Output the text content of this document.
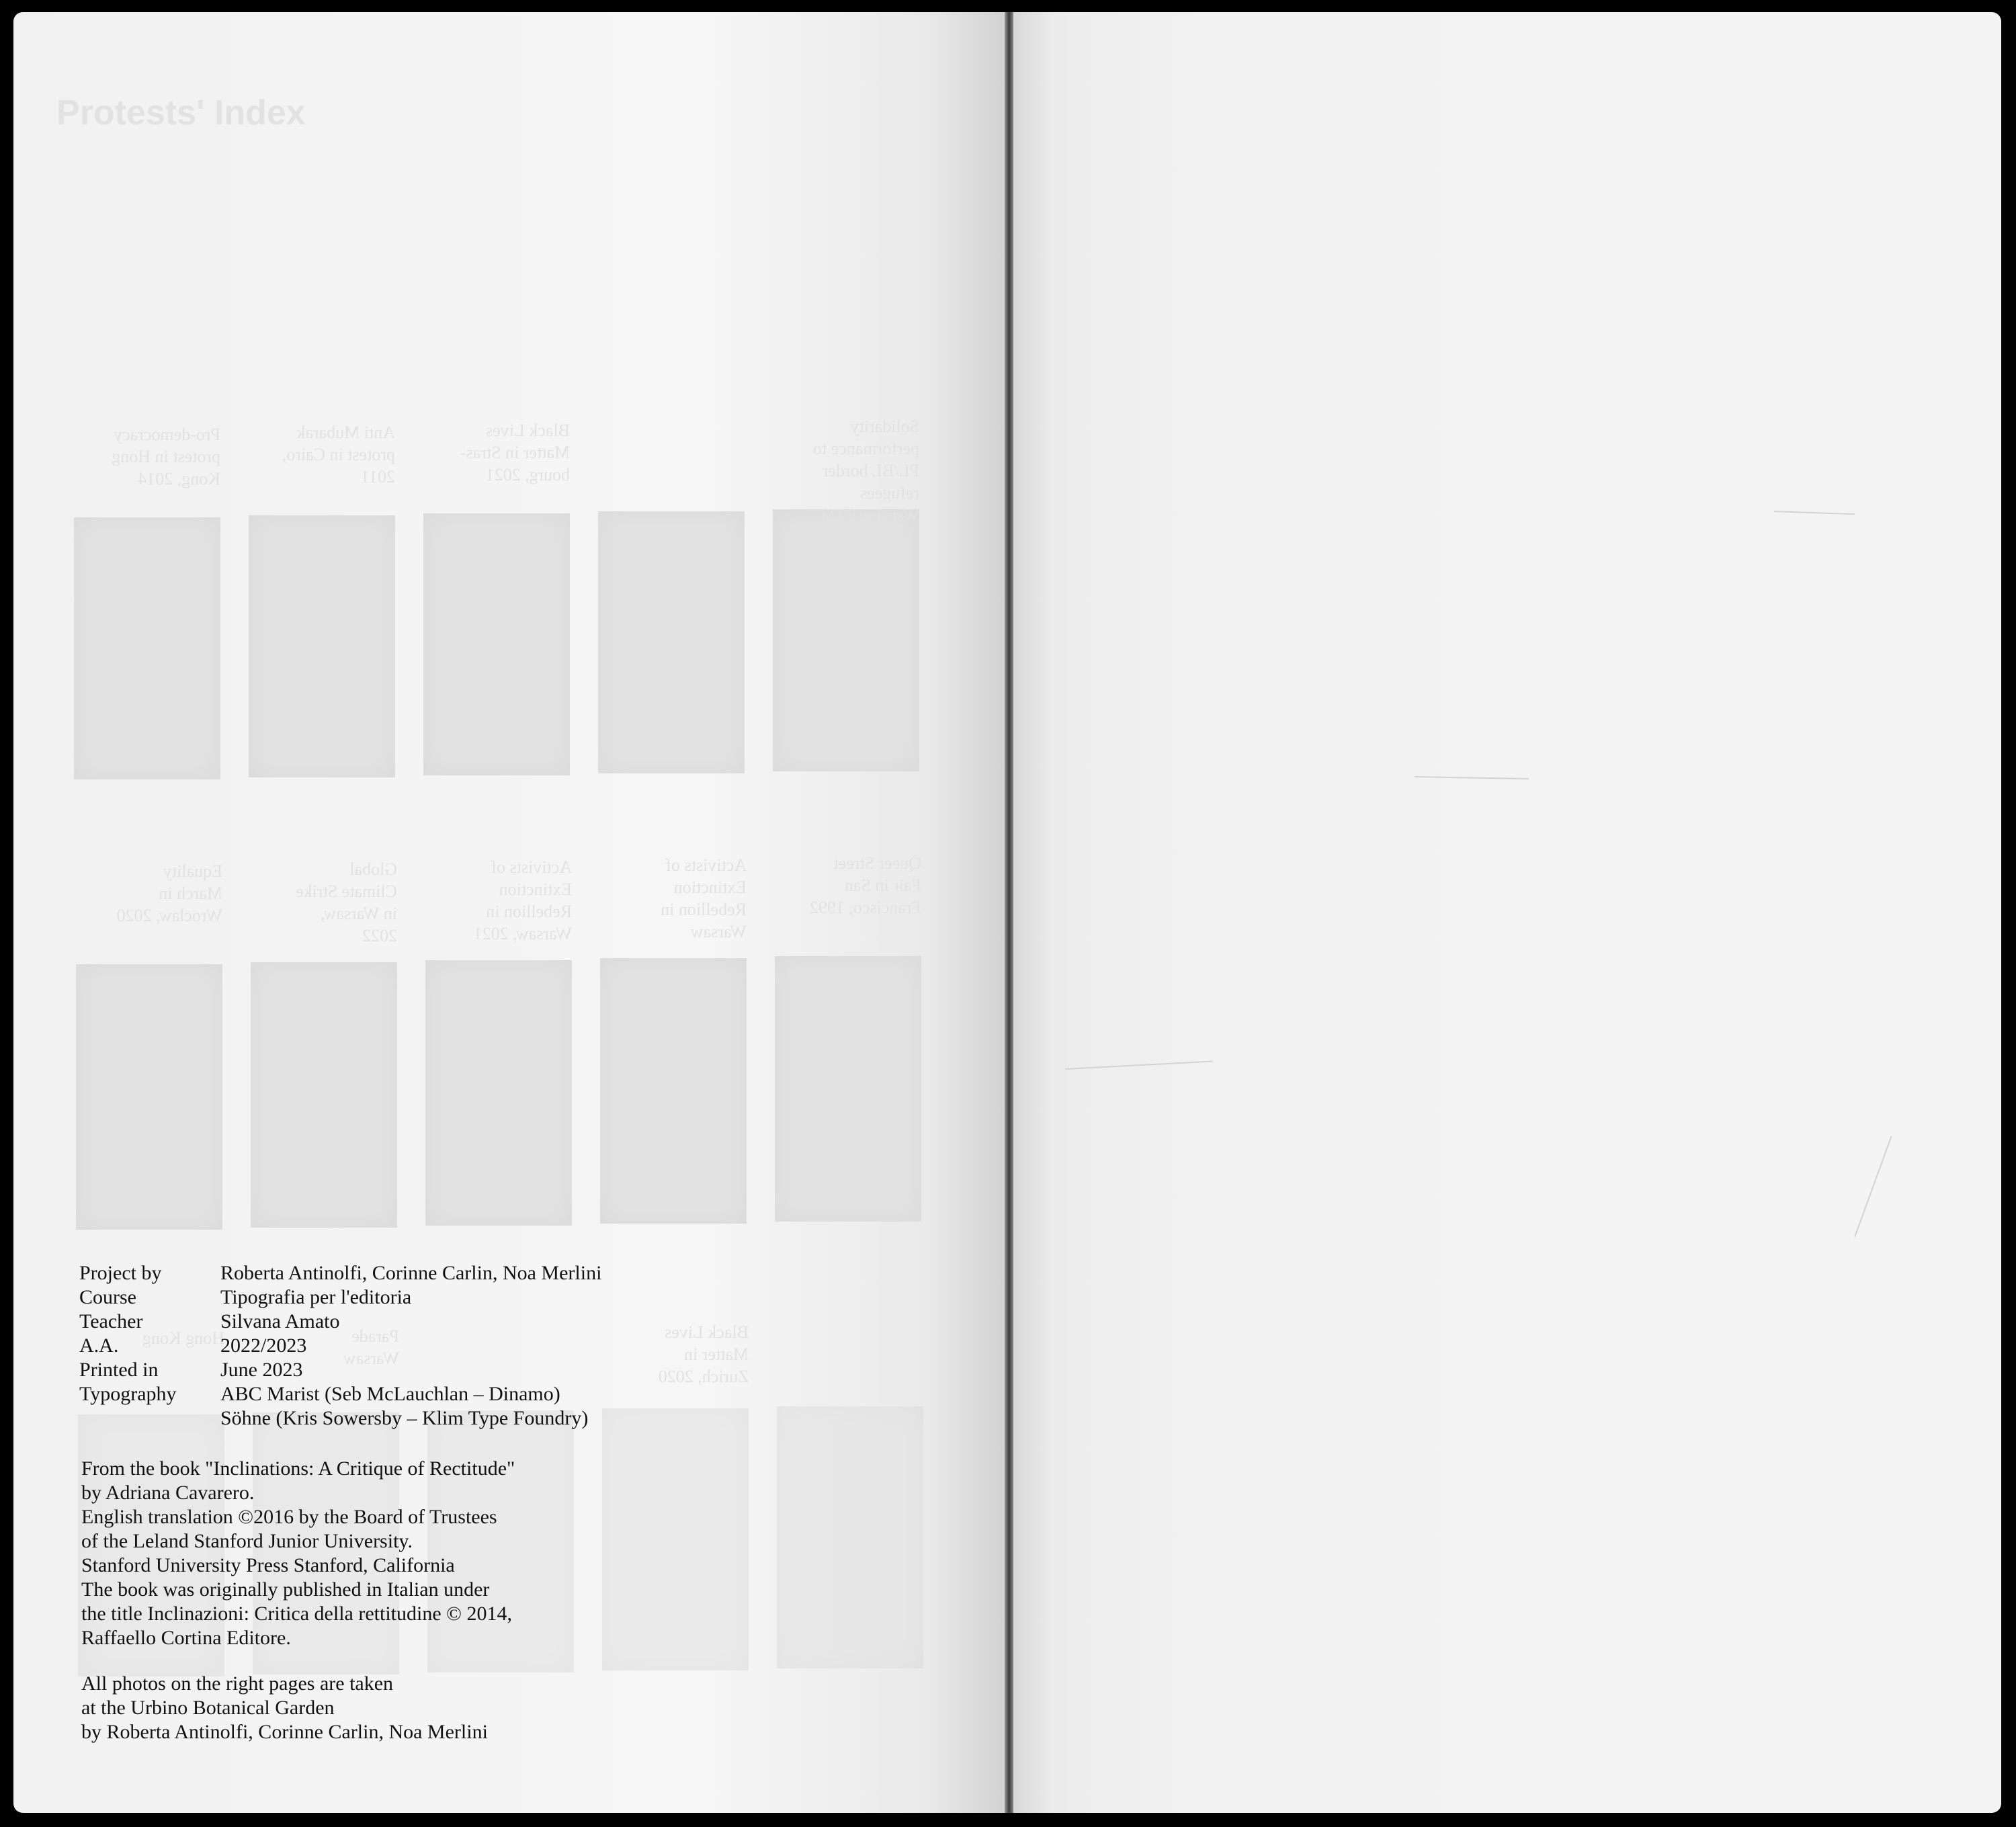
Protests' Index
Pro-democracy
protest in Hong
Kong, 2014
Anti Mubarak
protest in Cairo,
2011
Black Lives
Matter in Stras-
bourg, 2021
Solidarity
performance to
PL/BL border
refugees
Warsaw, 2023
Equality
March in
Wroclaw, 2020
Global
Climate Strike
in Warsaw,
2022
Activists of
Extinction
Rebellion in
Warsaw, 2021
Activists of
Extinction
Rebellion in
Warsaw
Queer Street
Fair in San
Francisco, 1992
Hong Kong	Parade
Warsaw
Black Lives
Matter in
Zurich, 2020
Project by	Roberta Antinolfi, Corinne Carlin, Noa Merlini
Course	Tipografia per l'editoria
Teacher	Silvana Amato
A.A.	2022/2023
Printed in	June 2023
Typography	ABC Marist (Seb McLauchlan – Dinamo)
Söhne (Kris Sowersby – Klim Type Foundry)
From the book "Inclinations: A Critique of Rectitude"
by Adriana Cavarero.
English translation ©2016 by the Board of Trustees
of the Leland Stanford Junior University.
Stanford University Press Stanford, California
The book was originally published in Italian under
the title Inclinazioni: Critica della rettitudine © 2014,
Raffaello Cortina Editore.
All photos on the right pages are taken
at the Urbino Botanical Garden
by Roberta Antinolfi, Corinne Carlin, Noa Merlini
